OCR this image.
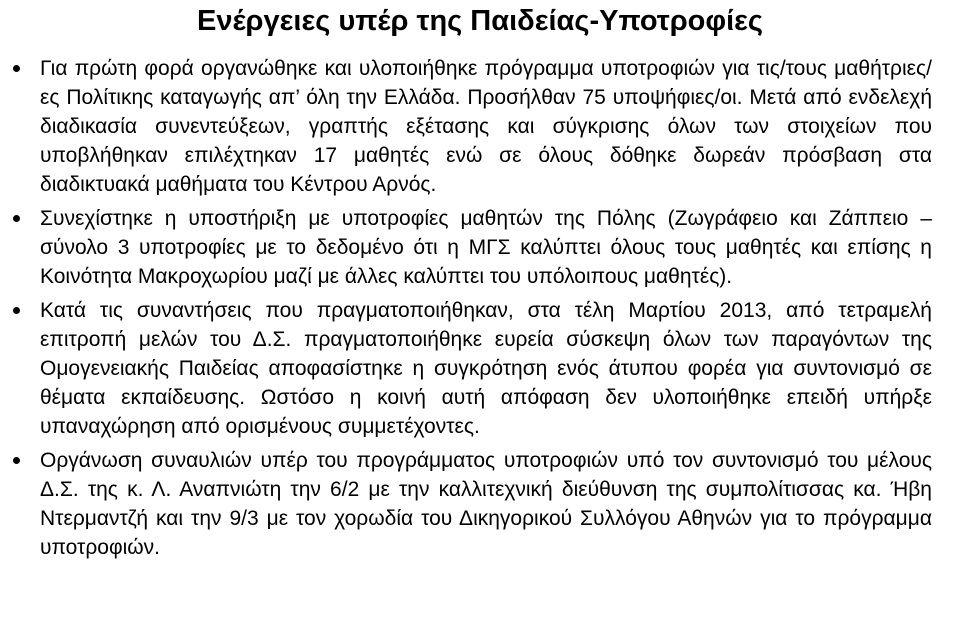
Ενέργειες υπέρ της Παιδείας-Υποτροφίες
Για πρώτη φορά οργανώθηκε και υλοποιήθηκε πρόγραμμα υποτροφιών για τις/τους μαθήτριες/ες Πολίτικης καταγωγής απ’ όλη την Ελλάδα. Προσήλθαν 75 υποψήφιες/οι. Μετά από ενδελεχή διαδικασία συνεντεύξεων, γραπτής εξέτασης και σύγκρισης όλων των στοιχείων που υποβλήθηκαν επιλέχτηκαν 17 μαθητές ενώ σε όλους δόθηκε δωρεάν πρόσβαση στα διαδικτυακά μαθήματα του Κέντρου Αρνός.
Συνεχίστηκε η υποστήριξη με υποτροφίες μαθητών της Πόλης (Ζωγράφειο και Ζάππειο – σύνολο 3 υποτροφίες με το δεδομένο ότι η ΜΓΣ καλύπτει όλους τους μαθητές και επίσης η Κοινότητα Μακροχωρίου μαζί με άλλες καλύπτει του υπόλοιπους μαθητές).
Κατά τις συναντήσεις που πραγματοποιήθηκαν, στα τέλη Μαρτίου 2013, από τετραμελή επιτροπή μελών του Δ.Σ. πραγματοποιήθηκε ευρεία σύσκεψη όλων των παραγόντων της Ομογενειακής Παιδείας αποφασίστηκε η συγκρότηση ενός άτυπου φορέα για συντονισμό σε θέματα εκπαίδευσης. Ωστόσο η κοινή αυτή απόφαση δεν υλοποιήθηκε επειδή υπήρξε υπαναχώρηση από ορισμένους συμμετέχοντες.
Οργάνωση συναυλιών υπέρ του προγράμματος υποτροφιών υπό τον συντονισμό του μέλους Δ.Σ. της κ. Λ. Αναπνιώτη την 6/2 με την καλλιτεχνική διεύθυνση της συμπολίτισσας κα. Ήβη Ντερμαντζή και την 9/3 με τον χορωδία του Δικηγορικού Συλλόγου Αθηνών για το πρόγραμμα υποτροφιών.
